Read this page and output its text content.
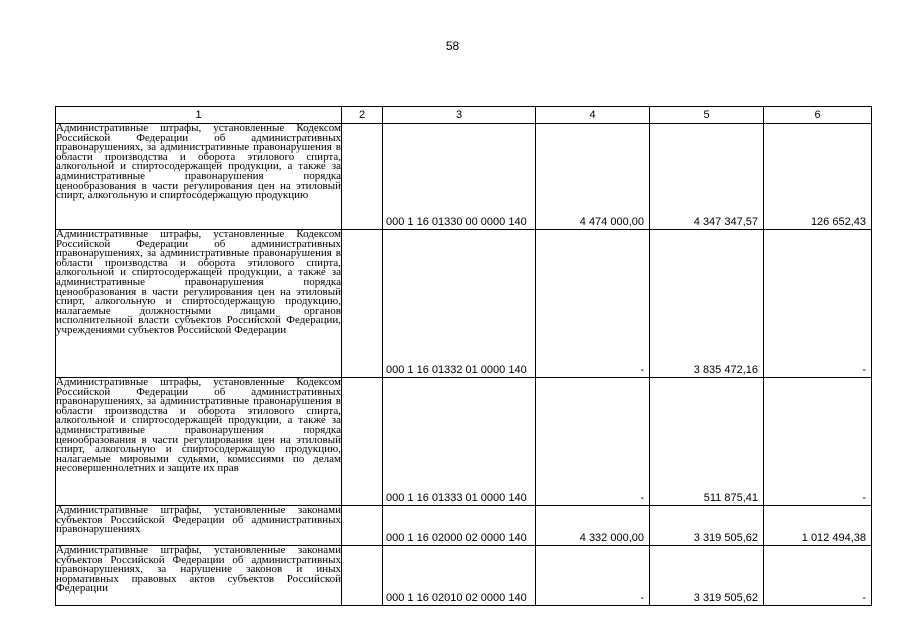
58
1	2	3	4	5	6
Административные штрафы, установленные Кодексом Российской Федерации об административных правонарушениях, за административные правонарушения в области производства и оборота этилового спирта, алкогольной и спиртосодержащей продукции, а также за административные правонарушения порядка ценообразования в части регулирования цен на этиловый спирт, алкогольную и спиртосодержащую продукцию		000 1 16 01330 00 0000 140	4 474 000,00	4 347 347,57	126 652,43
Административные штрафы, установленные Кодексом Российской Федерации об административных правонарушениях, за административные правонарушения в области производства и оборота этилового спирта, алкогольной и спиртосодержащей продукции, а также за административные правонарушения порядка ценообразования в части регулирования цен на этиловый спирт, алкогольную и спиртосодержащую продукцию, налагаемые должностными лицами органов исполнительной власти субъектов Российской Федерации, учреждениями субъектов Российской Федерации		000 1 16 01332 01 0000 140	-	3 835 472,16	-
Административные штрафы, установленные Кодексом Российской Федерации об административных правонарушениях, за административные правонарушения в области производства и оборота этилового спирта, алкогольной и спиртосодержащей продукции, а также за административные правонарушения порядка ценообразования в части регулирования цен на этиловый спирт, алкогольную и спиртосодержащую продукцию, налагаемые мировыми судьями, комиссиями по делам несовершеннолетних и защите их прав		000 1 16 01333 01 0000 140	-	511 875,41	-
Административные штрафы, установленные законами субъектов Российской Федерации об административных правонарушениях		000 1 16 02000 02 0000 140	4 332 000,00	3 319 505,62	1 012 494,38
Административные штрафы, установленные законами субъектов Российской Федерации об административных правонарушениях, за нарушение законов и иных нормативных правовых актов субъектов Российской Федерации		000 1 16 02010 02 0000 140	-	3 319 505,62	-
